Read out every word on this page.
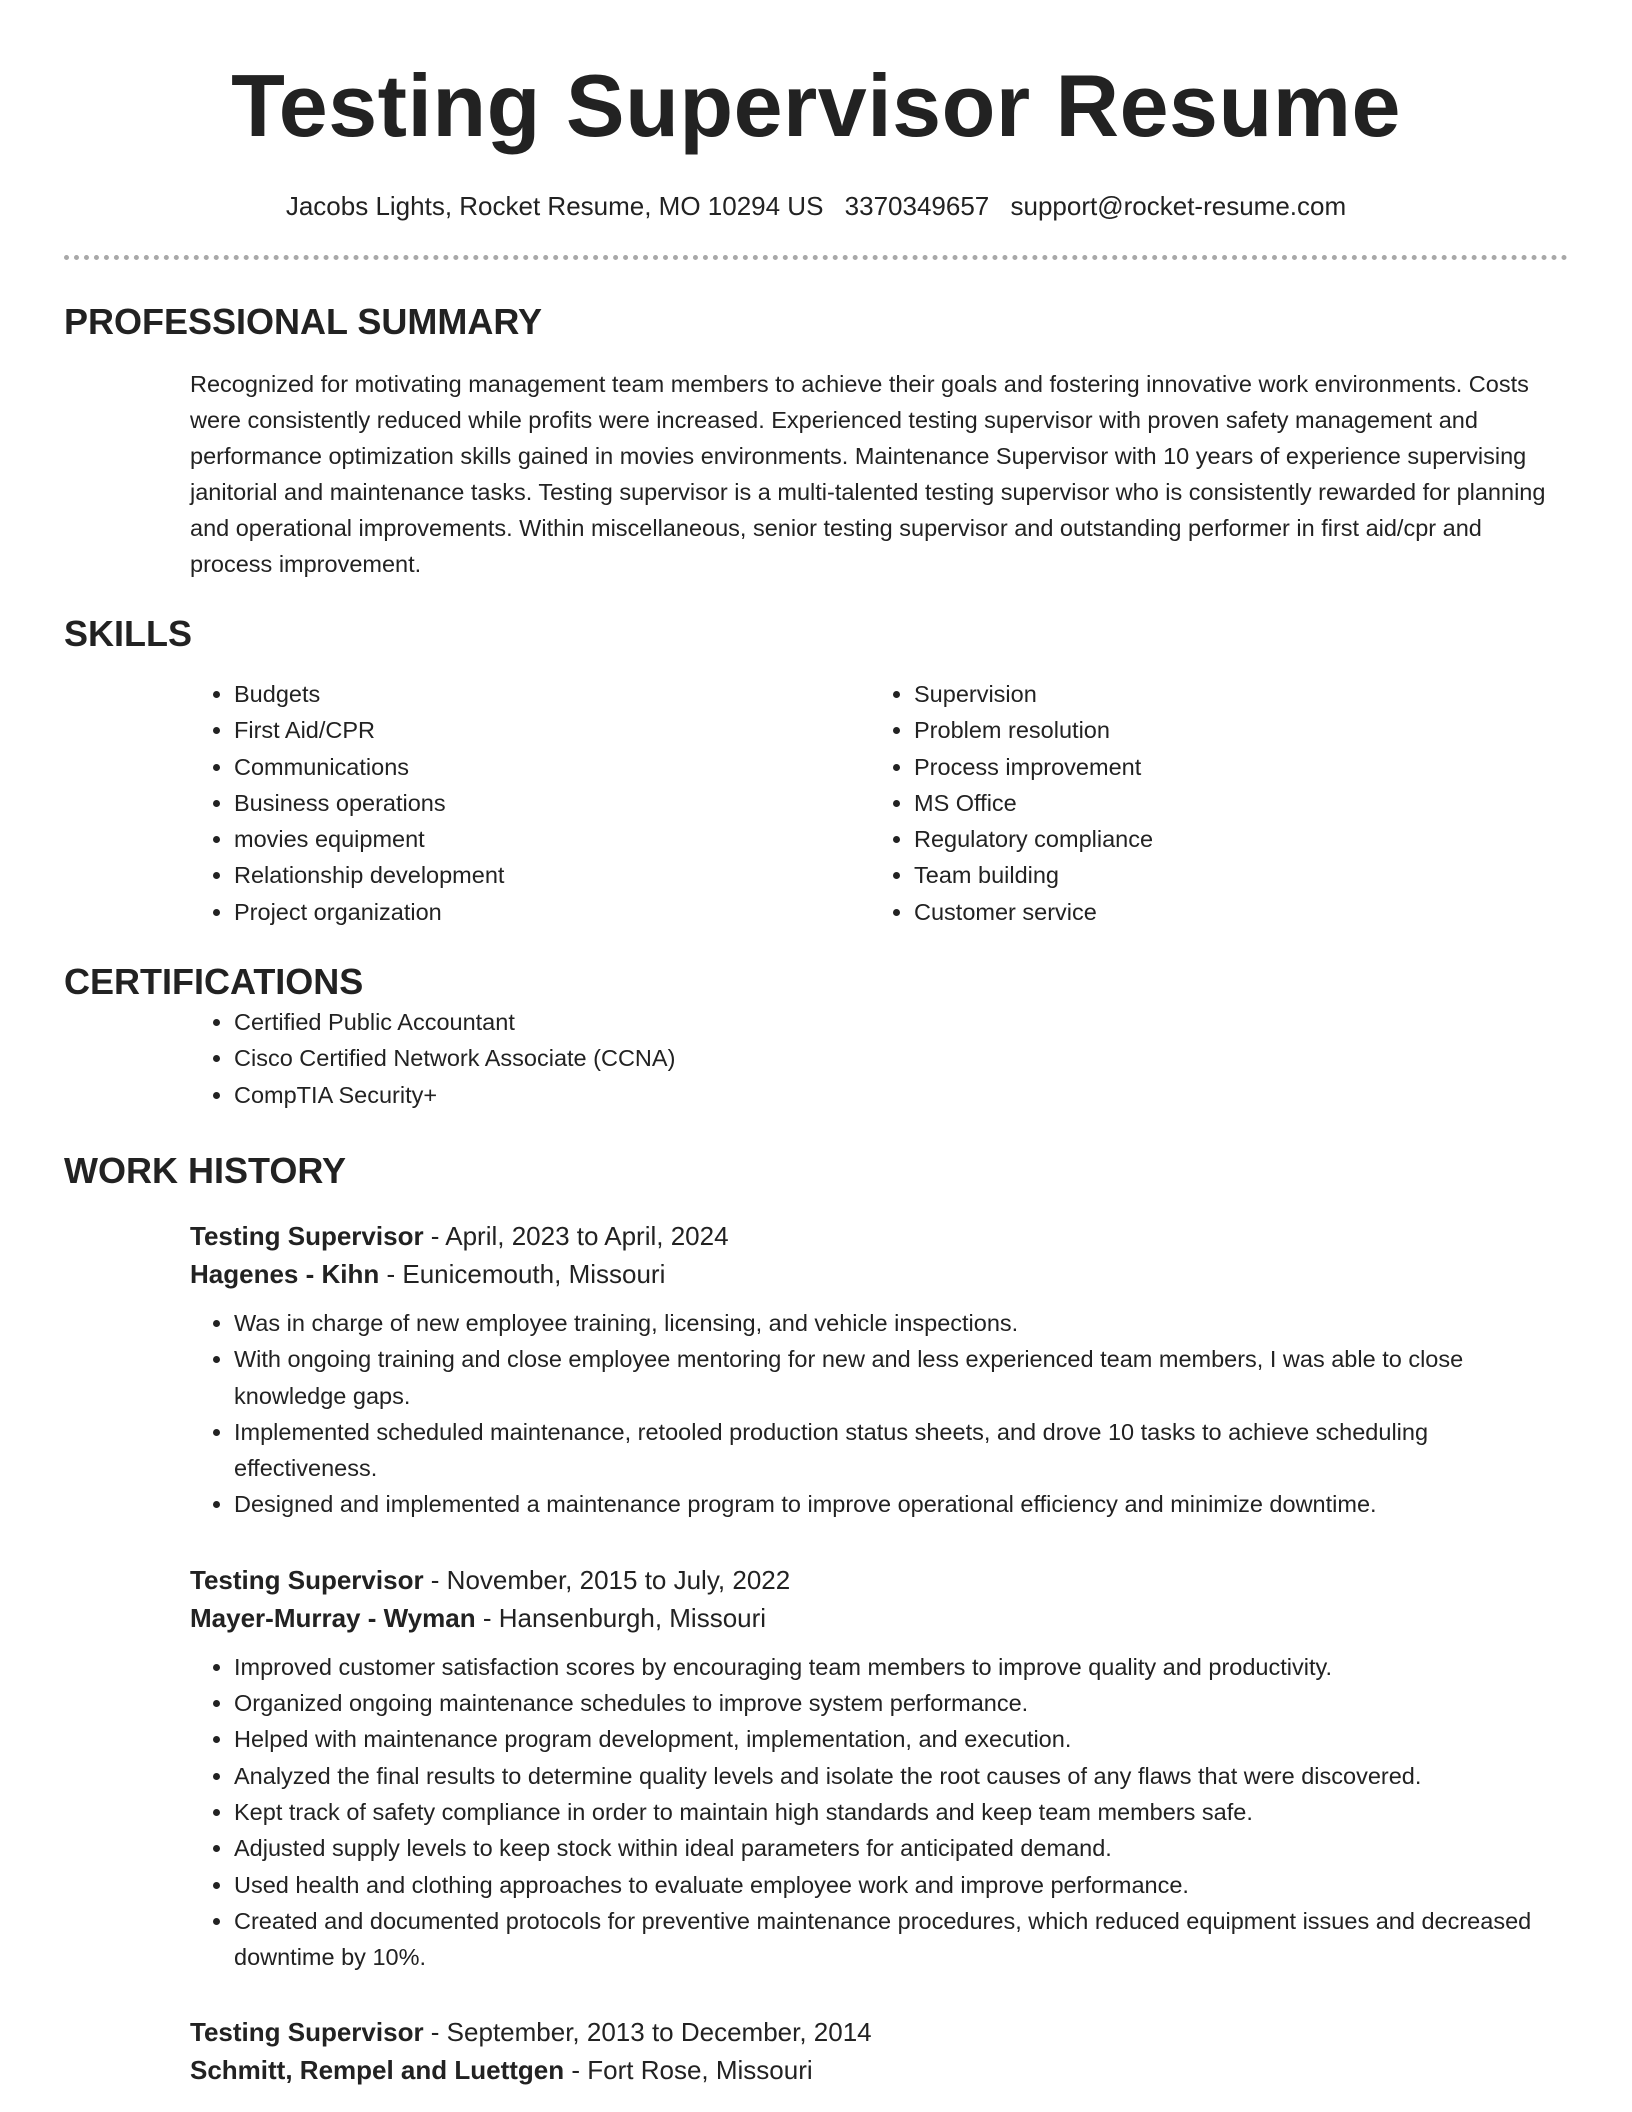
Testing Supervisor Resume
Jacobs Lights, Rocket Resume, MO 10294 US 3370349657 support@rocket-resume.com
PROFESSIONAL SUMMARY
Recognized for motivating management team members to achieve their goals and fostering innovative work environments. Costs were consistently reduced while profits were increased. Experienced testing supervisor with proven safety management and performance optimization skills gained in movies environments. Maintenance Supervisor with 10 years of experience supervising janitorial and maintenance tasks. Testing supervisor is a multi-talented testing supervisor who is consistently rewarded for planning and operational improvements. Within miscellaneous, senior testing supervisor and outstanding performer in first aid/cpr and process improvement.
SKILLS
• Budgets
• First Aid/CPR
• Communications
• Business operations
• movies equipment
• Relationship development
• Project organization
• Supervision
• Problem resolution
• Process improvement
• MS Office
• Regulatory compliance
• Team building
• Customer service
CERTIFICATIONS
• Certified Public Accountant
• Cisco Certified Network Associate (CCNA)
• CompTIA Security+
WORK HISTORY
Testing Supervisor - April, 2023 to April, 2024
Hagenes - Kihn - Eunicemouth, Missouri
• Was in charge of new employee training, licensing, and vehicle inspections.
• With ongoing training and close employee mentoring for new and less experienced team members, I was able to close knowledge gaps.
• Implemented scheduled maintenance, retooled production status sheets, and drove 10 tasks to achieve scheduling effectiveness.
• Designed and implemented a maintenance program to improve operational efficiency and minimize downtime.
Testing Supervisor - November, 2015 to July, 2022
Mayer-Murray - Wyman - Hansenburgh, Missouri
• Improved customer satisfaction scores by encouraging team members to improve quality and productivity.
• Organized ongoing maintenance schedules to improve system performance.
• Helped with maintenance program development, implementation, and execution.
• Analyzed the final results to determine quality levels and isolate the root causes of any flaws that were discovered.
• Kept track of safety compliance in order to maintain high standards and keep team members safe.
• Adjusted supply levels to keep stock within ideal parameters for anticipated demand.
• Used health and clothing approaches to evaluate employee work and improve performance.
• Created and documented protocols for preventive maintenance procedures, which reduced equipment issues and decreased downtime by 10%.
Testing Supervisor - September, 2013 to December, 2014
Schmitt, Rempel and Luettgen - Fort Rose, Missouri
